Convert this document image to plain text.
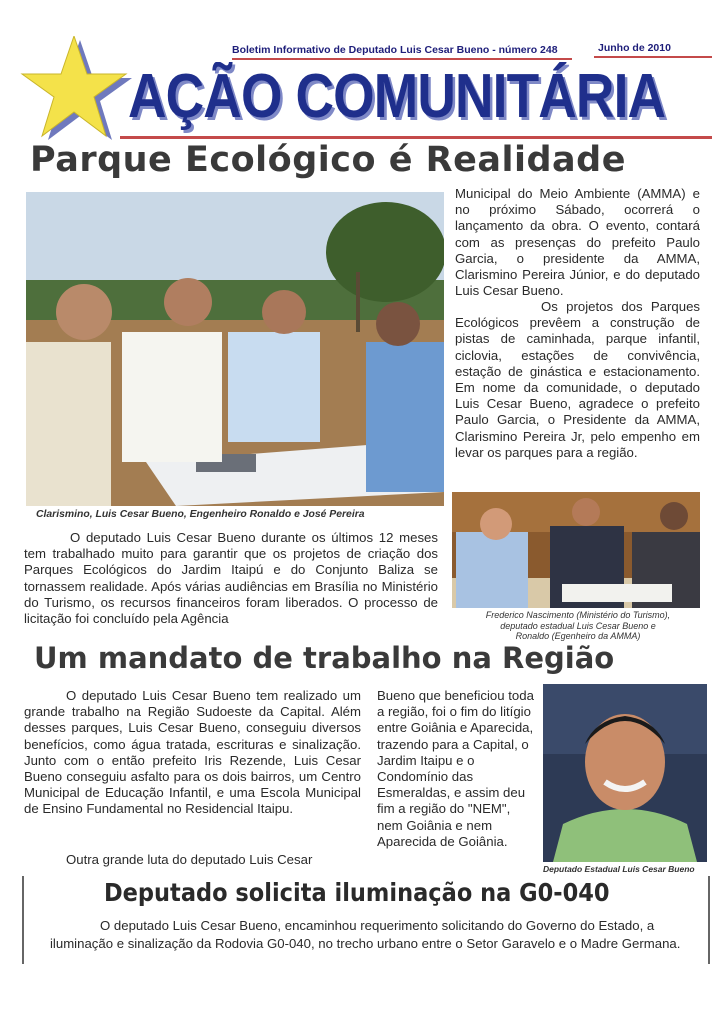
Boletim Informativo de Deputado Luis Cesar Bueno - número 248	Junho de 2010
AÇÃO COMUNITÁRIA
Parque Ecológico é Realidade
Clarismino, Luis Cesar Bueno, Engenheiro Ronaldo e José Pereira

Municipal do Meio Ambiente (AMMA) e no próximo Sábado, ocorrerá o lançamento da obra. O evento, contará com as presenças do prefeito Paulo Garcia, o presidente da AMMA, Clarismino Pereira Júnior, e do deputado Luis Cesar Bueno.

Os projetos dos Parques Ecológicos prevêem a construção de pistas de caminhada, parque infantil, ciclovia, estações de convivência, estação de ginástica e estacionamento. Em nome da comunidade, o deputado Luis Cesar Bueno, agradece o prefeito Paulo Garcia, o Presidente da AMMA, Clarismino Pereira Jr, pelo empenho em levar os parques para a região.

O deputado Luis Cesar Bueno durante os últimos 12 meses tem trabalhado muito para garantir que os projetos de criação dos Parques Ecológicos do Jardim Itaipú e do Conjunto Baliza se tornassem realidade. Após várias audiências em Brasília no Ministério do Turismo, os recursos financeiros foram liberados. O processo de licitação foi concluído pela Agência	Frederico Nascimento (Ministério do Turismo),
deputado estadual Luis Cesar Bueno e
Ronaldo (Egenheiro da AMMA)
Um mandato de trabalho na Região

O deputado Luis Cesar Bueno tem realizado um grande trabalho na Região Sudoeste da Capital. Além desses parques, Luis Cesar Bueno, conseguiu diversos benefícios, como água tratada, escrituras e sinalização. Junto com o então prefeito Iris Rezende, Luis Cesar Bueno conseguiu asfalto para os dois bairros, um Centro Municipal de Educação Infantil, e uma Escola Municipal de Ensino Fundamental no Residencial Itaipu.

Outra grande luta do deputado Luis Cesar

Bueno que beneficiou toda a região, foi o fim do litígio entre Goiânia e Aparecida, trazendo para a Capital, o Jardim Itaipu e o Condomínio das Esmeraldas, e assim deu fim a região do "NEM", nem Goiânia e nem Aparecida de Goiânia.

Deputado Estadual Luis Cesar Bueno
Deputado solicita iluminação na G0-040

O deputado Luis Cesar Bueno, encaminhou requerimento solicitando do Governo do Estado, a iluminação e sinalização da Rodovia G0-040, no trecho urbano entre o Setor Garavelo e o Madre Germana.
